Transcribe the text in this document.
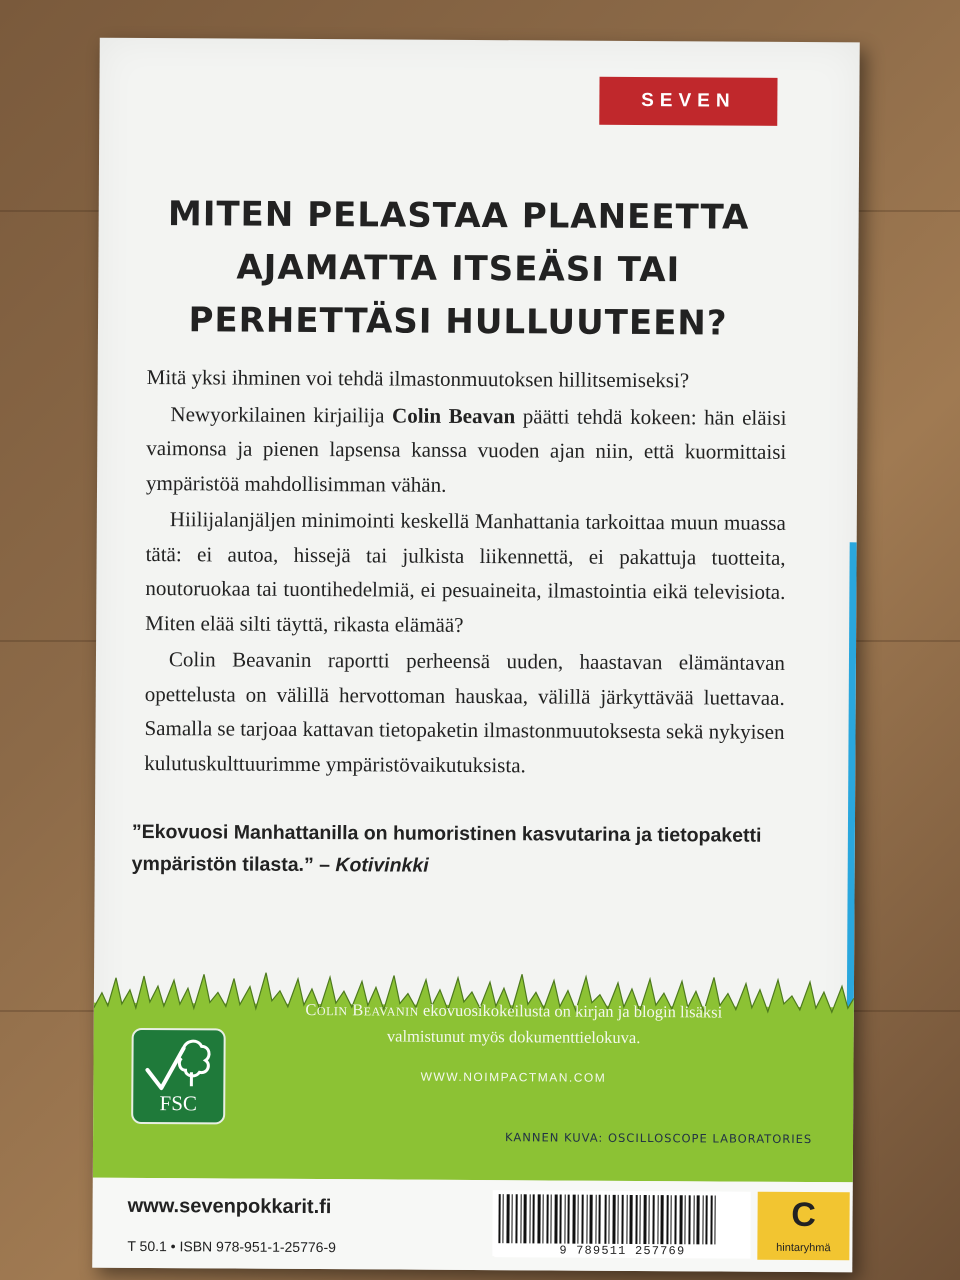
SEVEN
MITEN PELASTAA PLANEETTA
AJAMATTA ITSEÄSI TAI
PERHETTÄSI HULLUUTEEN?

Mitä yksi ihminen voi tehdä ilmastonmuutoksen hillitsemiseksi?

Newyorkilainen kirjailija Colin Beavan päätti tehdä kokeen: hän eläisi vaimonsa ja pienen lapsensa kanssa vuoden ajan niin, että kuormittaisi ympäristöä mahdollisimman vähän.

Hiilijalanjäljen minimointi keskellä Manhattania tarkoittaa muun muassa tätä: ei autoa, hissejä tai julkista liikennettä, ei pakattuja tuotteita, noutoruokaa tai tuontihedelmiä, ei pesuaineita, ilmastointia eikä televisiota. Miten elää silti täyttä, rikasta elämää?

Colin Beavanin raportti perheensä uuden, haastavan elämäntavan opettelusta on välillä hervottoman hauskaa, välillä järkyttävää luettavaa. Samalla se tarjoaa kattavan tietopaketin ilmastonmuutoksesta sekä nykyisen kulutuskulttuurimme ympäristövaikutuksista.

”Ekovuosi Manhattanilla on humoristinen kasvutarina ja tietopaketti ympäristön tilasta.” – Kotivinkki
Colin Beavanin ekovuosikokeilusta on kirjan ja blogin lisäksi valmistunut myös dokumenttielokuva.
WWW.NOIMPACTMAN.COM
FSC
KANNEN KUVA: OSCILLOSCOPE LABORATORIES
www.sevenpokkarit.fi
T 50.1 • ISBN 978-951-1-25776-9	9 789511 257769
C
hintaryhmä
